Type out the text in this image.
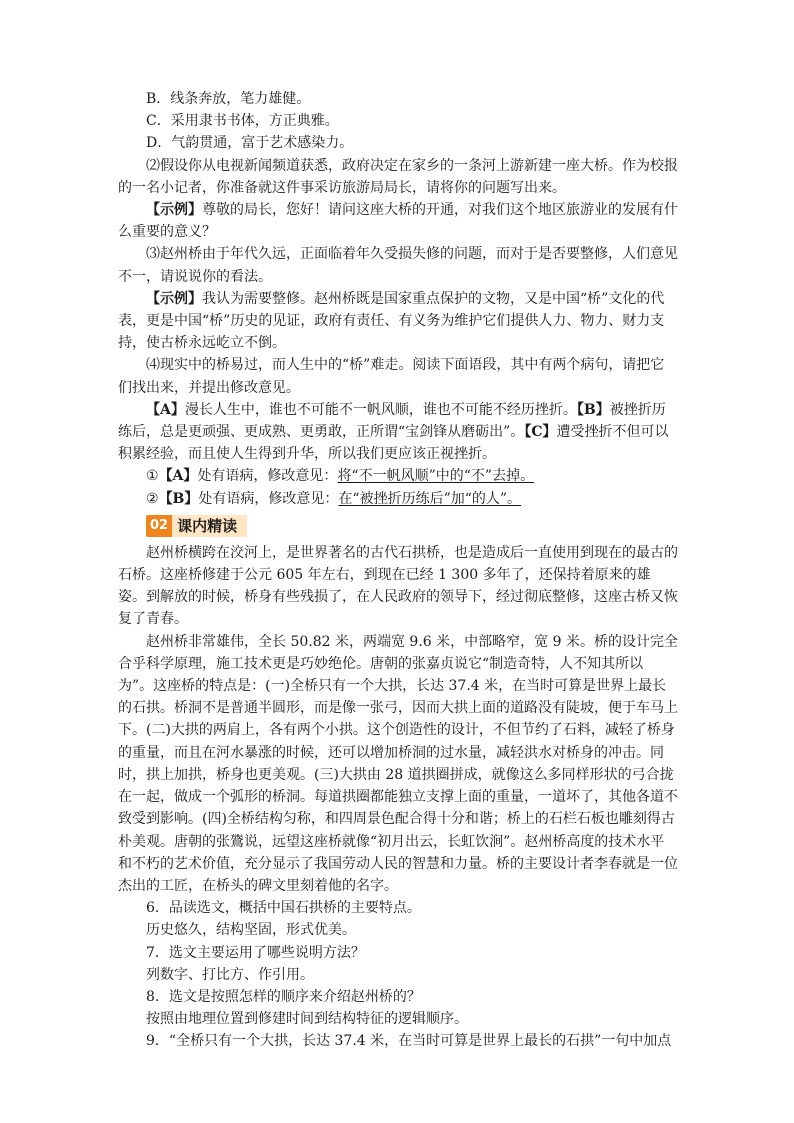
B．线条奔放，笔力雄健。

C．采用隶书书体，方正典雅。

D．气韵贯通，富于艺术感染力。

⑵假设你从电视新闻频道获悉，政府决定在家乡的一条河上游新建一座大桥。作为校报的一名小记者，你准备就这件事采访旅游局局长，请将你的问题写出来。

【示例】尊敬的局长，您好！请问这座大桥的开通，对我们这个地区旅游业的发展有什么重要的意义？

⑶赵州桥由于年代久远，正面临着年久受损失修的问题，而对于是否要整修，人们意见不一，请说说你的看法。

【示例】我认为需要整修。赵州桥既是国家重点保护的文物，又是中国“桥”文化的代表，更是中国“桥”历史的见证，政府有责任、有义务为维护它们提供人力、物力、财力支持，使古桥永远屹立不倒。

⑷现实中的桥易过，而人生中的“桥”难走。阅读下面语段，其中有两个病句，请把它们找出来，并提出修改意见。

【A】漫长人生中，谁也不可能不一帆风顺，谁也不可能不经历挫折。【B】被挫折历练后，总是更顽强、更成熟、更勇敢，正所谓“宝剑锋从磨砺出”。【C】遭受挫折不但可以积累经验，而且使人生得到升华，所以我们更应该正视挫折。

①【A】处有语病，修改意见：将“不一帆风顺”中的“不”去掉。

②【B】处有语病，修改意见：在“被挫折历练后”加“的人”。

02 课内精读

赵州桥横跨在洨河上，是世界著名的古代石拱桥，也是造成后一直使用到现在的最古的石桥。这座桥修建于公元 605 年左右，到现在已经 1 300 多年了，还保持着原来的雄姿。到解放的时候，桥身有些残损了，在人民政府的领导下，经过彻底整修，这座古桥又恢复了青春。

赵州桥非常雄伟，全长 50.82 米，两端宽 9.6 米，中部略窄，宽 9 米。桥的设计完全合乎科学原理，施工技术更是巧妙绝伦。唐朝的张嘉贞说它“制造奇特，人不知其所以为”。这座桥的特点是：(一)全桥只有一个大拱，长达 37.4 米，在当时可算是世界上最长的石拱。桥洞不是普通半圆形，而是像一张弓，因而大拱上面的道路没有陡坡，便于车马上下。(二)大拱的两肩上，各有两个小拱。这个创造性的设计，不但节约了石料，减轻了桥身的重量，而且在河水暴涨的时候，还可以增加桥洞的过水量，减轻洪水对桥身的冲击。同时，拱上加拱，桥身也更美观。(三)大拱由 28 道拱圈拼成，就像这么多同样形状的弓合拢在一起，做成一个弧形的桥洞。每道拱圈都能独立支撑上面的重量，一道坏了，其他各道不致受到影响。(四)全桥结构匀称，和四周景色配合得十分和谐；桥上的石栏石板也雕刻得古朴美观。唐朝的张鷟说，远望这座桥就像“初月出云，长虹饮涧”。赵州桥高度的技术水平和不朽的艺术价值，充分显示了我国劳动人民的智慧和力量。桥的主要设计者李春就是一位杰出的工匠，在桥头的碑文里刻着他的名字。

6．品读选文，概括中国石拱桥的主要特点。

历史悠久，结构坚固，形式优美。

7．选文主要运用了哪些说明方法？

列数字、打比方、作引用。

8．选文是按照怎样的顺序来介绍赵州桥的？

按照由地理位置到修建时间到结构特征的逻辑顺序。

9．“全桥只有一个大拱，长达 37.4 米，在当时可算是世界上最长的石拱”一句中加点
